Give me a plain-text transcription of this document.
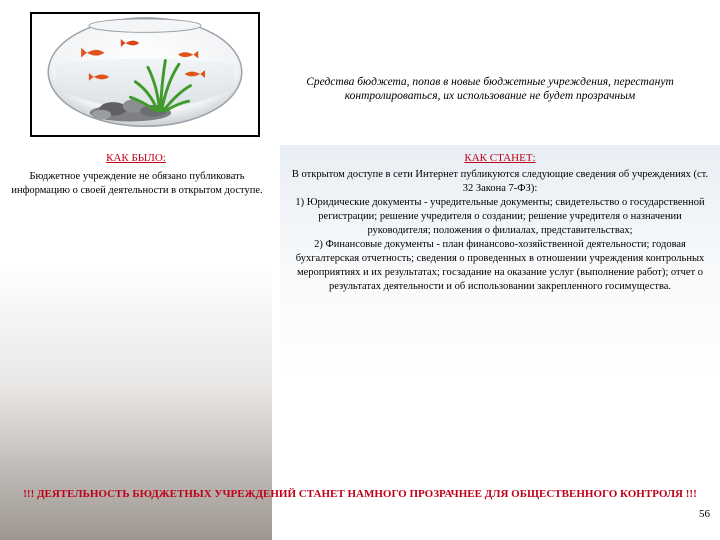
Средства бюджета, попав в новые бюджетные учреждения, перестанут контролироваться, их использование не будет прозрачным
КАК БЫЛО:	КАК СТАНЕТ:
Бюджетное учреждение не обязано публиковать информацию о своей деятельности в открытом доступе.

В открытом доступе в сети Интернет публикуются следующие сведения об учреждениях (ст. 32 Закона 7-ФЗ):

1) Юридические документы - учредительные документы; свидетельство о государственной регистрации; решение учредителя о создании; решение учредителя о назначении руководителя; положения о филиалах, представительствах;

2) Финансовые документы - план финансово-хозяйственной деятельности; годовая бухгалтерская отчетность; сведения о проведенных в отношении учреждения контрольных мероприятиях и их результатах; госзадание на оказание услуг (выполнение работ); отчет о результатах деятельности и об использовании закрепленного госимущества.

!!! ДЕЯТЕЛЬНОСТЬ БЮДЖЕТНЫХ УЧРЕЖДЕНИЙ СТАНЕТ НАМНОГО ПРОЗРАЧНЕЕ ДЛЯ ОБЩЕСТВЕННОГО КОНТРОЛЯ !!!
56
